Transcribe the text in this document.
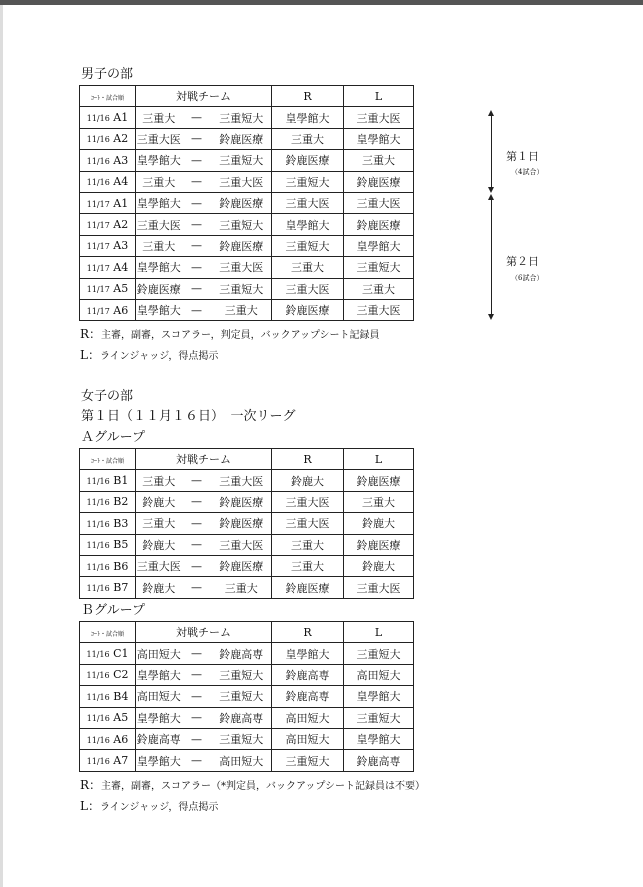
男子の部
ｺｰﾄ・試合順	対戦チーム			R	L
11/16 A1	三重大	—	三重短大	皇學館大	三重大医
11/16 A2	三重大医	—	鈴鹿医療	三重大	皇學館大
11/16 A3	皇學館大	—	三重短大	鈴鹿医療	三重大
11/16 A4	三重大	—	三重大医	三重短大	鈴鹿医療
11/17 A1	皇學館大	—	鈴鹿医療	三重大医	三重大医
11/17 A2	三重大医	—	三重短大	皇學館大	鈴鹿医療
11/17 A3	三重大	—	鈴鹿医療	三重短大	皇學館大
11/17 A4	皇學館大	—	三重大医	三重大	三重短大
11/17 A5	鈴鹿医療	—	三重短大	三重大医	三重大
11/17 A6	皇學館大	—	三重大	鈴鹿医療	三重大医
第１日
（4試合）
第２日
（6試合）
R：主審，副審，スコアラー，判定員，バックアップシート記録員
L：ラインジャッジ，得点掲示
女子の部
第１日（１１月１６日）　一次リーグ
Ａグループ
ｺｰﾄ・試合順	対戦チーム			R	L
11/16 B1	三重大	—	三重大医	鈴鹿大	鈴鹿医療
11/16 B2	鈴鹿大	—	鈴鹿医療	三重大医	三重大
11/16 B3	三重大	—	鈴鹿医療	三重大医	鈴鹿大
11/16 B5	鈴鹿大	—	三重大医	三重大	鈴鹿医療
11/16 B6	三重大医	—	鈴鹿医療	三重大	鈴鹿大
11/16 B7	鈴鹿大	—	三重大	鈴鹿医療	三重大医
Ｂグループ
ｺｰﾄ・試合順	対戦チーム			R	L
11/16 C1	高田短大	—	鈴鹿高専	皇學館大	三重短大
11/16 C2	皇學館大	—	三重短大	鈴鹿高専	高田短大
11/16 B4	高田短大	—	三重短大	鈴鹿高専	皇學館大
11/16 A5	皇學館大	—	鈴鹿高専	高田短大	三重短大
11/16 A6	鈴鹿高専	—	三重短大	高田短大	皇學館大
11/16 A7	皇學館大	—	高田短大	三重短大	鈴鹿高専
R：主審，副審，スコアラー（*判定員，バックアップシート記録員は不要）
L：ラインジャッジ，得点掲示
